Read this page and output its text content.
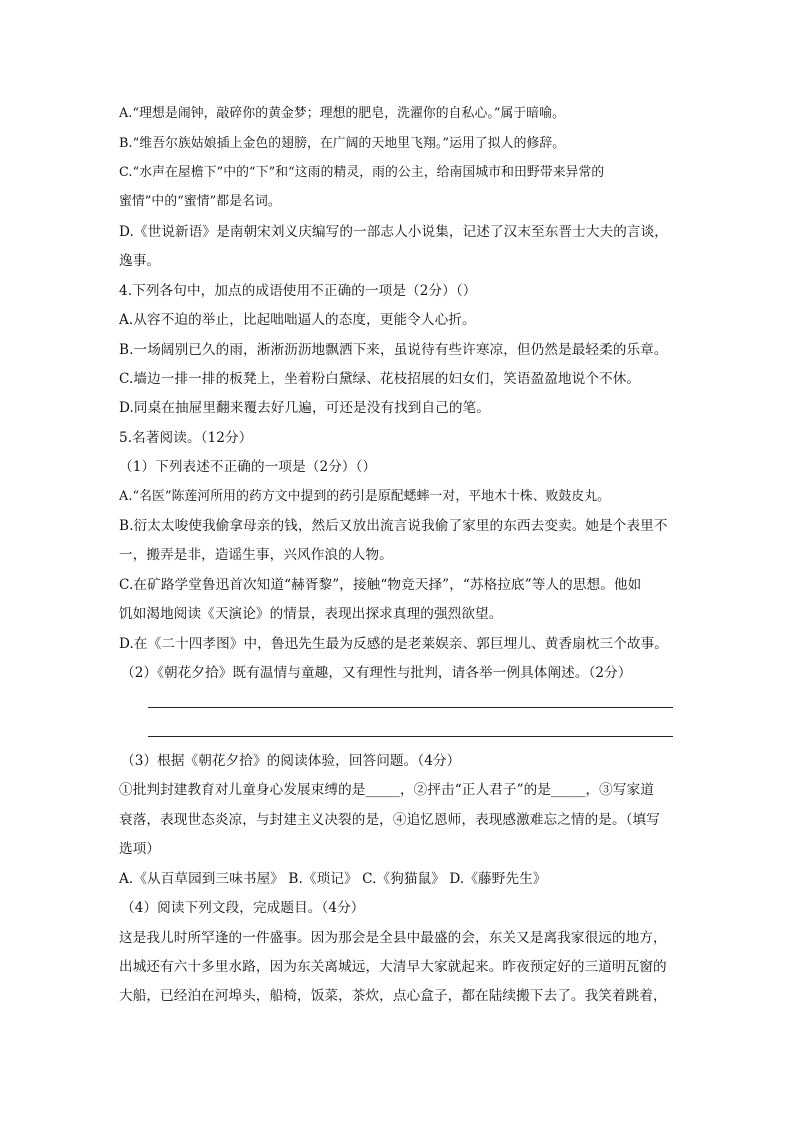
A.“理想是闹钟，敲碎你的黄金梦；理想的肥皂，洗濯你的自私心。”属于暗喻。
B.“维吾尔族姑娘插上金色的翅膀，在广阔的天地里飞翔。”运用了拟人的修辞。
C.“水声在屋檐下”中的“下”和“这雨的精灵，雨的公主，给南国城市和田野带来异常的
蜜情”中的“蜜情”都是名词。
D.《世说新语》是南朝宋刘义庆编写的一部志人小说集，记述了汉末至东晋士大夫的言谈，
逸事。
4.下列各句中，加点的成语使用不正确的一项是（2分）（）
A.从容不迫的举止，比起咄咄逼人的态度，更能令人心折。
B.一场阔别已久的雨，淅淅沥沥地飘洒下来，虽说待有些许寒凉，但仍然是最轻柔的乐章。
C.墙边一排一排的板凳上，坐着粉白黛绿、花枝招展的妇女们，笑语盈盈地说个不休。
D.同桌在抽屉里翻来覆去好几遍，可还是没有找到自己的笔。
5.名著阅读。（12分）
（1）下列表述不正确的一项是（2分）（）
A.“名医”陈莲河所用的药方文中提到的药引是原配蟋蟀一对，平地木十株、败鼓皮丸。
B.衍太太唆使我偷拿母亲的钱，然后又放出流言说我偷了家里的东西去变卖。她是个表里不
一，搬弄是非，造谣生事，兴风作浪的人物。
C.在矿路学堂鲁迅首次知道“赫胥黎”，接触“物竞天择”，“苏格拉底”等人的思想。他如
饥如渴地阅读《天演论》的情景，表现出探求真理的强烈欲望。
D.在《二十四孝图》中，鲁迅先生最为反感的是老莱娱亲、郭巨埋儿、黄香扇枕三个故事。
（2）《朝花夕拾》既有温情与童趣，又有理性与批判，请各举一例具体阐述。（2分）
（3）根据《朝花夕拾》的阅读体验，回答问题。（4分）
①批判封建教育对儿童身心发展束缚的是_____，②抨击“正人君子”的是_____，③写家道
衰落，表现世态炎凉，与封建主义决裂的是，④追忆恩师，表现感激难忘之情的是。（填写
选项）
A.《从百草园到三味书屋》 B.《琐记》 C.《狗猫鼠》 D.《藤野先生》
（4）阅读下列文段，完成题目。（4分）
这是我儿时所罕逢的一件盛事。因为那会是全县中最盛的会，东关又是离我家很远的地方，
出城还有六十多里水路，因为东关离城远，大清早大家就起来。昨夜预定好的三道明瓦窗的
大船，已经泊在河埠头，船椅，饭菜，茶炊，点心盒子，都在陆续搬下去了。我笑着跳着，
